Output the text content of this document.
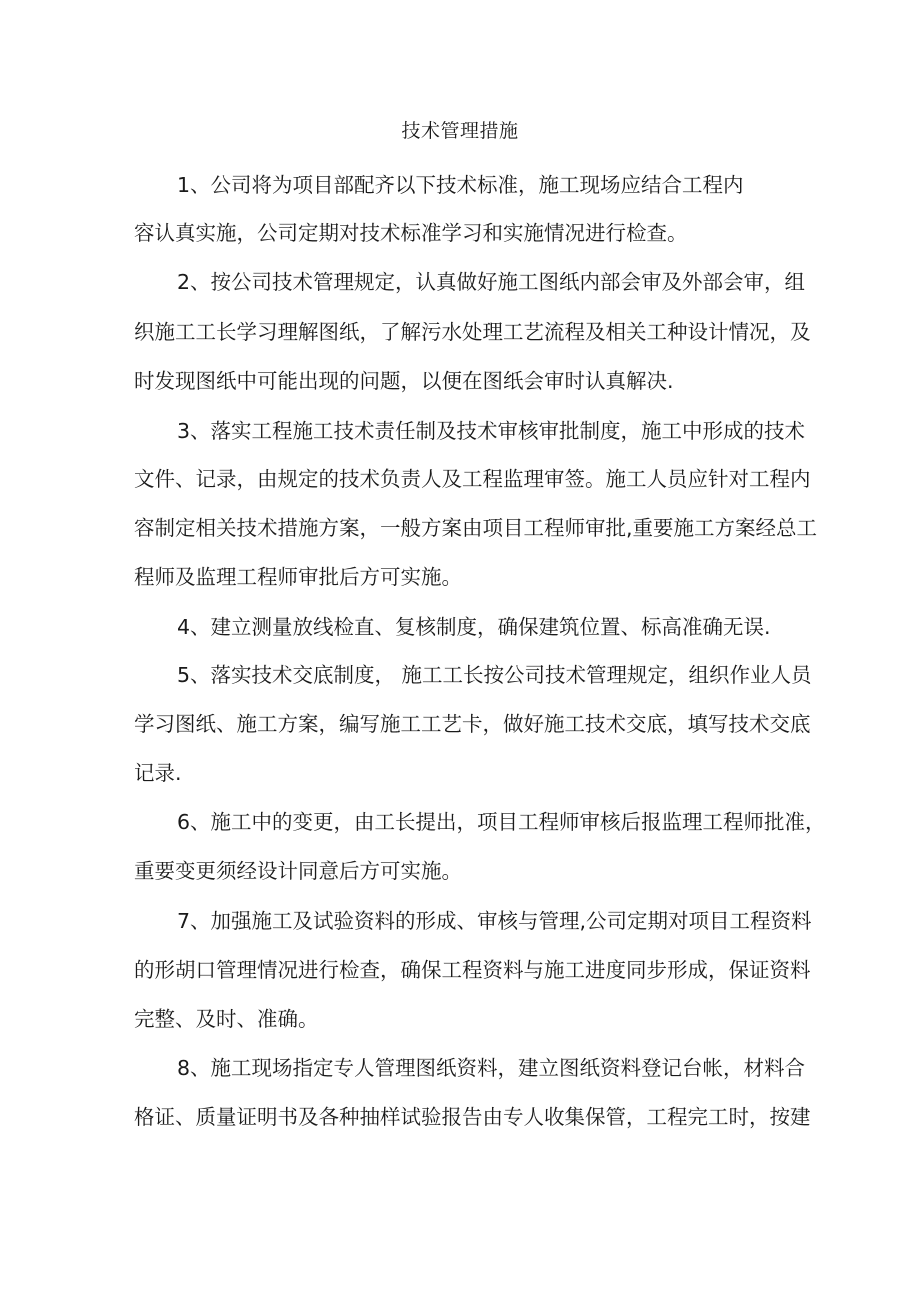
技术管理措施
1、公司将为项目部配齐以下技术标准，施工现场应结合工程内
容认真实施，公司定期对技术标准学习和实施情况进行检查。
2、按公司技术管理规定，认真做好施工图纸内部会审及外部会审，组
织施工工长学习理解图纸，了解污水处理工艺流程及相关工种设计情况，及
时发现图纸中可能出现的问题，以便在图纸会审时认真解决.
3、落实工程施工技术责任制及技术审核审批制度，施工中形成的技术
文件、记录，由规定的技术负责人及工程监理审签。施工人员应针对工程内
容制定相关技术措施方案，一般方案由项目工程师审批,重要施工方案经总工
程师及监理工程师审批后方可实施。
4、建立测量放线检直、复核制度，确保建筑位置、标高准确无误.
5、落实技术交底制度， 施工工长按公司技术管理规定，组织作业人员
学习图纸、施工方案，编写施工工艺卡，做好施工技术交底，填写技术交底
记录.
6、施工中的变更，由工长提出，项目工程师审核后报监理工程师批准，
重要变更须经设计同意后方可实施。
7、加强施工及试验资料的形成、审核与管理,公司定期对项目工程资料
的形胡口管理情况进行检查，确保工程资料与施工进度同步形成，保证资料
完整、及时、准确。
8、施工现场指定专人管理图纸资料，建立图纸资料登记台帐，材料合
格证、质量证明书及各种抽样试验报告由专人收集保管，工程完工时，按建
